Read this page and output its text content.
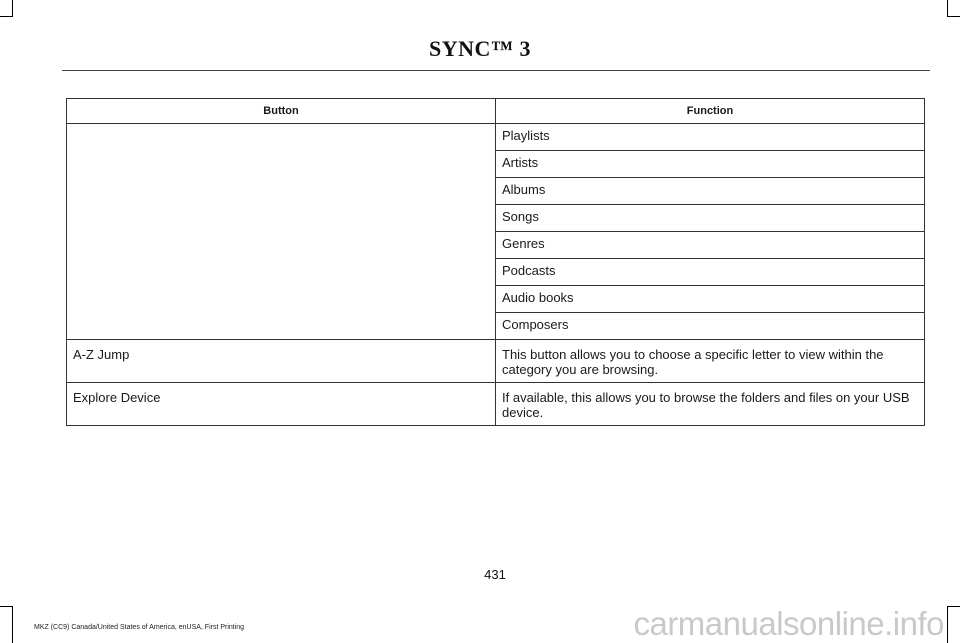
SYNC™ 3
Button	Function
	Playlists
	Artists
	Albums
	Songs
	Genres
	Podcasts
	Audio books
	Composers
A-Z Jump	This button allows you to choose a specific letter to view within the category you are browsing.
Explore Device	If available, this allows you to browse the folders and files on your USB device.
431
MKZ (CC9) Canada/United States of America, enUSA, First Printing	carmanualsonline.info
